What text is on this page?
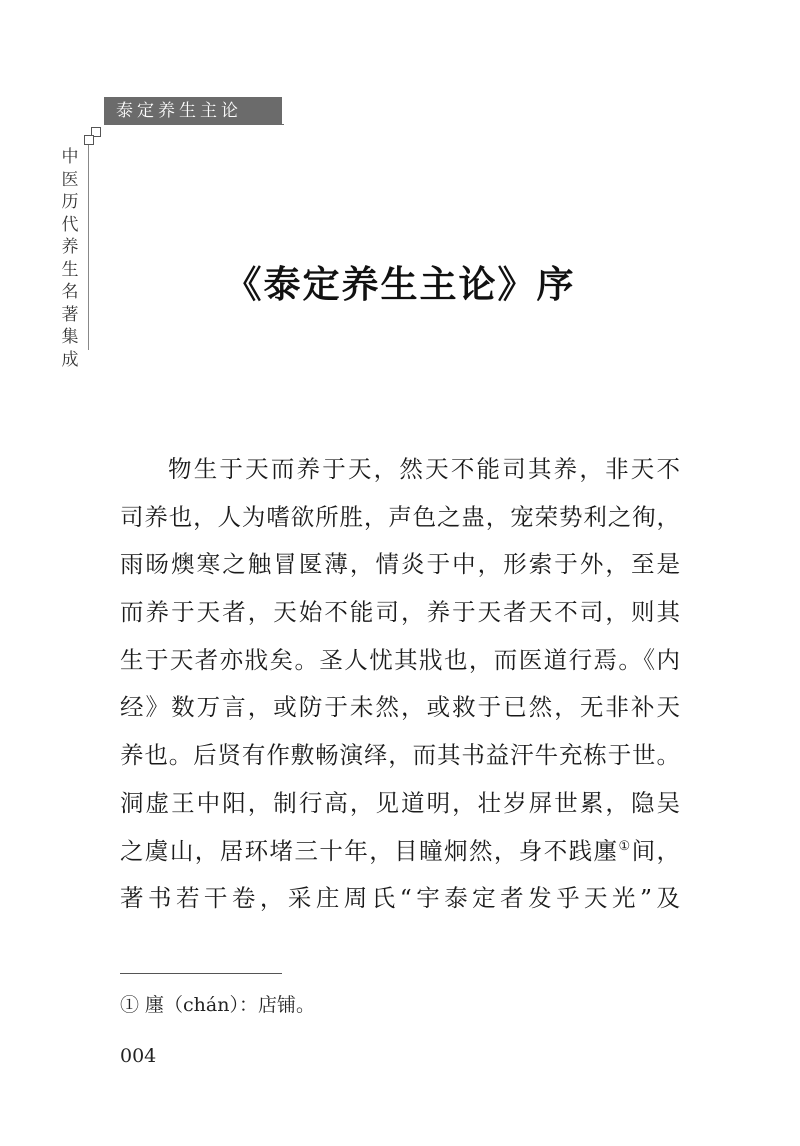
泰定养生主论
中医历代养生名著集成
《泰定养生主论》序
物生于天而养于天，然天不能司其养，非天不
司养也，人为嗜欲所胜，声色之蛊，宠荣势利之徇，
雨旸燠寒之触冒匽薄，情炎于中，形索于外，至是
而养于天者，天始不能司，养于天者天不司，则其
生于天者亦戕矣。圣人忧其戕也，而医道行焉。《内
经》数万言，或防于未然，或救于已然，无非补天
养也。后贤有作敷畅演绎，而其书益汗牛充栋于世。
洞虚王中阳，制行高，见道明，壮岁屏世累，隐吴
之虞山，居环堵三十年，目瞳炯然，身不践廛①间，
著书若干卷，采庄周氏“宇泰定者发乎天光”及
① 廛（chán）：店铺。
004
